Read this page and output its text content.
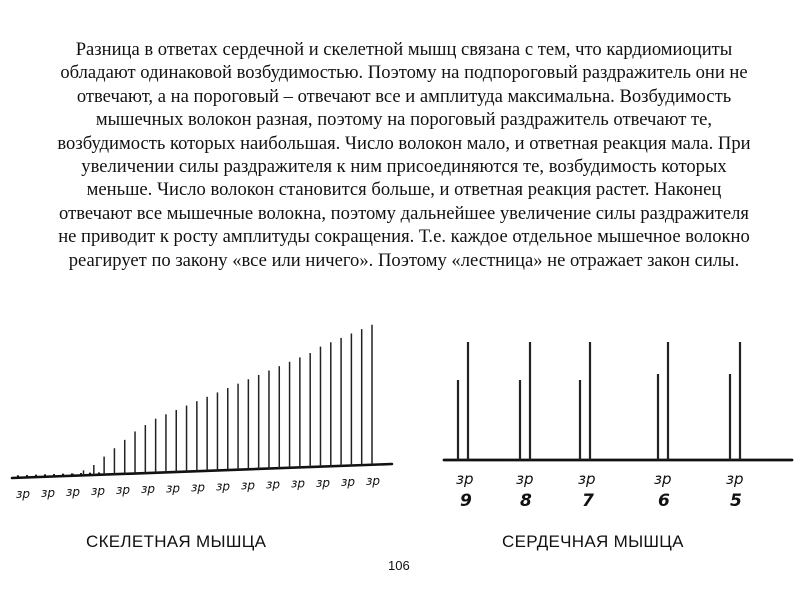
Разница в ответах сердечной и скелетной мышц связана с тем, что кардиомиоциты обладают одинаковой возбудимостью. Поэтому на подпороговый раздражитель они не отвечают, а на пороговый – отвечают все и амплитуда максимальна. Возбудимость мышечных волокон разная, поэтому на пороговый раздражитель отвечают те, возбудимость которых наибольшая. Число волокон мало, и ответная реакция мала. При увеличении силы раздражителя к ним присоединяются те, возбудимость которых меньше. Число волокон становится больше, и ответная реакция растет. Наконец отвечают все мышечные волокна, поэтому дальнейшее увеличение силы раздражителя не приводит к росту амплитуды сокращения. Т.е. каждое отдельное мышечное волокно реагирует по закону «все или ничего». Поэтому «лестница» не отражает закон силы.

зр зр зр зр зр зр зр зр зр зр зр зр зр зр зр	зр
9
зр
8
зр
7
зр
6
зр
5

СКЕЛЕТНАЯ МЫШЦА	СЕРДЕЧНАЯ МЫШЦА

106
